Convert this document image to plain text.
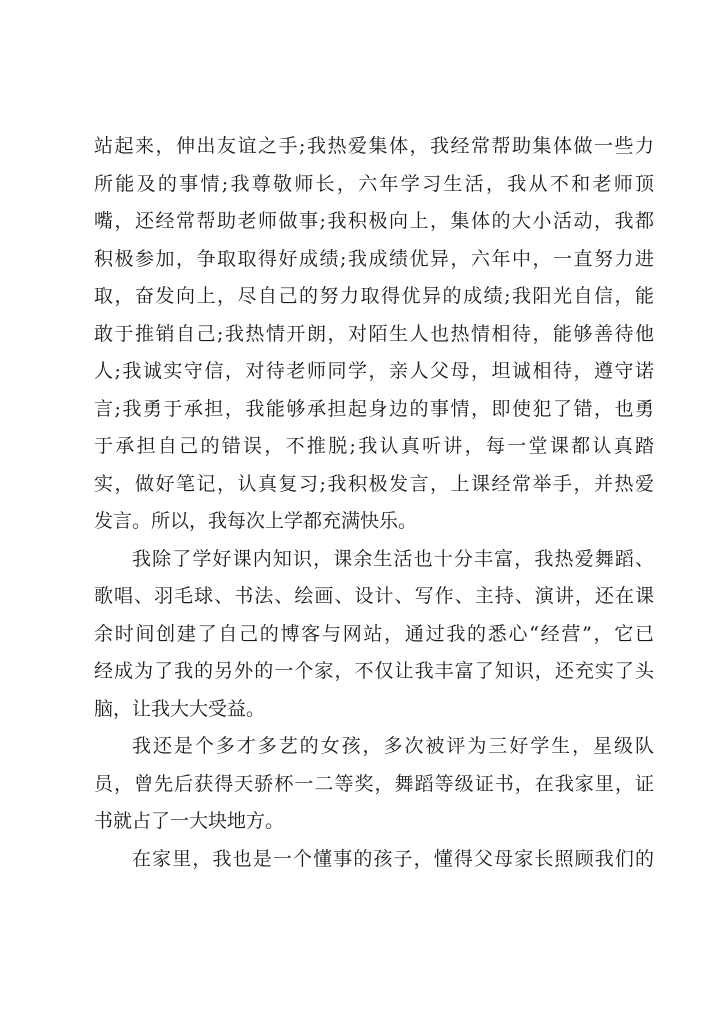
站起来，伸出友谊之手;我热爱集体，我经常帮助集体做一些力
所能及的事情;我尊敬师长，六年学习生活，我从不和老师顶
嘴，还经常帮助老师做事;我积极向上，集体的大小活动，我都
积极参加，争取取得好成绩;我成绩优异，六年中，一直努力进
取，奋发向上，尽自己的努力取得优异的成绩;我阳光自信，能
敢于推销自己;我热情开朗，对陌生人也热情相待，能够善待他
人;我诚实守信，对待老师同学，亲人父母，坦诚相待，遵守诺
言;我勇于承担，我能够承担起身边的事情，即使犯了错，也勇
于承担自己的错误，不推脱;我认真听讲，每一堂课都认真踏
实，做好笔记，认真复习;我积极发言，上课经常举手，并热爱
发言。所以，我每次上学都充满快乐。
我除了学好课内知识，课余生活也十分丰富，我热爱舞蹈、
歌唱、羽毛球、书法、绘画、设计、写作、主持、演讲，还在课
余时间创建了自己的博客与网站，通过我的悉心“经营”，它已
经成为了我的另外的一个家，不仅让我丰富了知识，还充实了头
脑，让我大大受益。
我还是个多才多艺的女孩，多次被评为三好学生，星级队
员，曾先后获得天骄杯一二等奖，舞蹈等级证书，在我家里，证
书就占了一大块地方。
在家里，我也是一个懂事的孩子，懂得父母家长照顾我们的
